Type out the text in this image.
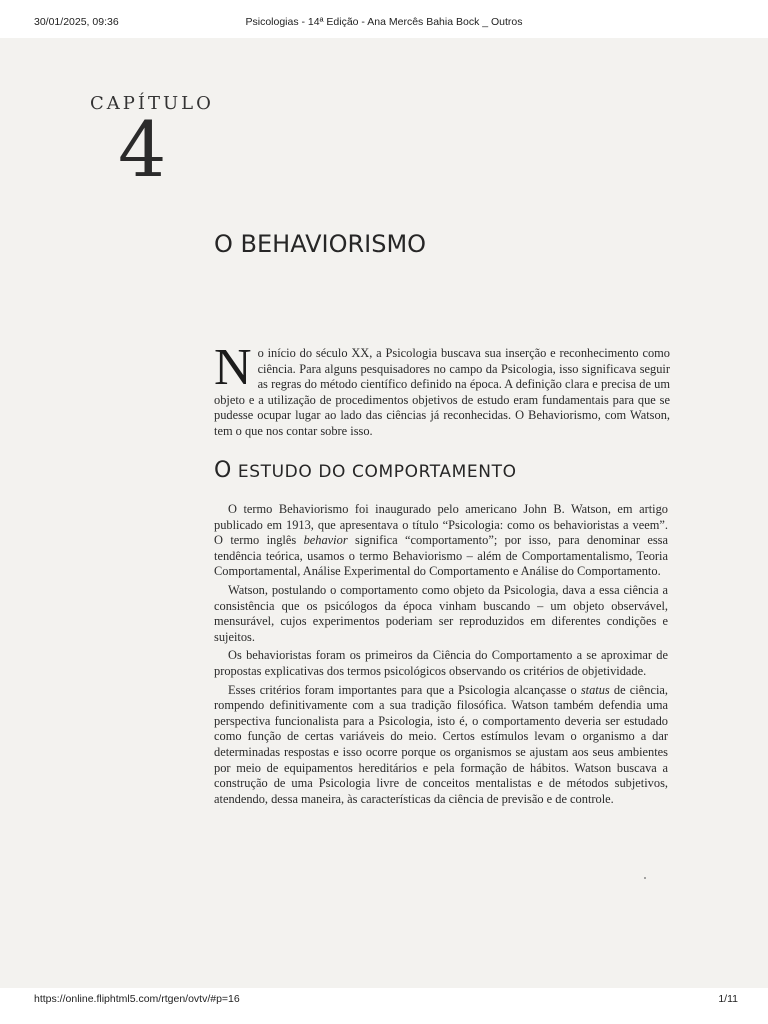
30/01/2025, 09:36	Psicologias - 14ª Edição - Ana Mercês Bahia Bock _ Outros
CAPÍTULO
4
O BEHAVIORISMO
No início do século XX, a Psicologia buscava sua inserção e reconhecimento como ciência. Para alguns pesquisadores no campo da Psicologia, isso significava seguir as regras do método científico definido na época. A definição clara e precisa de um objeto e a utilização de procedimentos objetivos de estudo eram fundamentais para que se pudesse ocupar lugar ao lado das ciências já reconhecidas. O Behaviorismo, com Watson, tem o que nos contar sobre isso.
O ESTUDO DO COMPORTAMENTO

O termo Behaviorismo foi inaugurado pelo americano John B. Watson, em artigo publicado em 1913, que apresentava o título “Psicologia: como os behavioristas a veem”. O termo inglês behavior significa “comportamento”; por isso, para denominar essa tendência teórica, usamos o termo Behaviorismo – além de Comportamentalismo, Teoria Comportamental, Análise Experimental do Comportamento e Análise do Comportamento.

Watson, postulando o comportamento como objeto da Psicologia, dava a essa ciência a consistência que os psicólogos da época vinham buscando – um objeto observável, mensurável, cujos experimentos poderiam ser reproduzidos em diferentes condições e sujeitos.

Os behavioristas foram os primeiros da Ciência do Comportamento a se aproximar de propostas explicativas dos termos psicológicos observando os critérios de objetividade.

Esses critérios foram importantes para que a Psicologia alcançasse o status de ciência, rompendo definitivamente com a sua tradição filosófica. Watson também defendia uma perspectiva funcionalista para a Psicologia, isto é, o comportamento deveria ser estudado como função de certas variáveis do meio. Certos estímulos levam o organismo a dar determinadas respostas e isso ocorre porque os organismos se ajustam aos seus ambientes por meio de equipamentos hereditários e pela formação de hábitos. Watson buscava a construção de uma Psicologia livre de conceitos mentalistas e de métodos subjetivos, atendendo, dessa maneira, às características da ciência de previsão e de controle.

https://online.fliphtml5.com/rtgen/ovtv/#p=16	1/11
